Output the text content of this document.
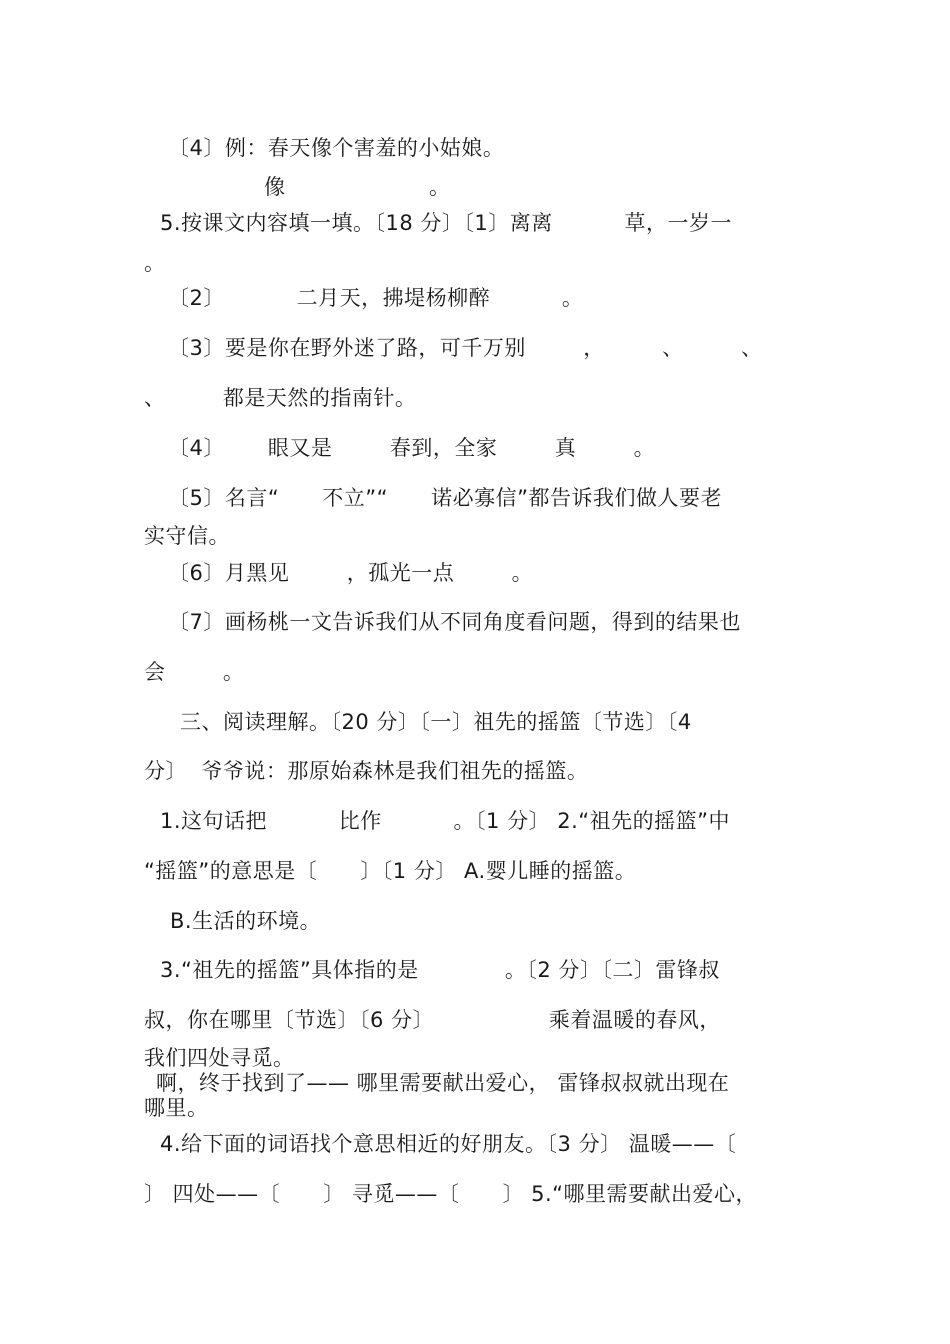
〔4〕例：春天像个害羞的小姑娘。
像                    。
5.按课文内容填一填。〔18 分〕〔1〕离离          草，一岁一
。
〔2〕          二月天，拂堤杨柳醉          。
〔3〕要是你在野外迷了路，可千万别        ，        、        、
、        都是天然的指南针。
〔4〕      眼又是        春到，全家        真        。
〔5〕名言“      不立”“      诺必寡信”都告诉我们做人要老
实守信。
〔6〕月黑见        ，孤光一点        。
〔7〕画杨桃一文告诉我们从不同角度看问题，得到的结果也
会        。
三、阅读理解。〔20 分〕〔一〕祖先的摇篮〔节选〕〔4
分〕  爷爷说：那原始森林是我们祖先的摇篮。
1.这句话把          比作          。〔1 分〕 2.“祖先的摇篮”中
“摇篮”的意思是〔      〕〔1 分〕 A.婴儿睡的摇篮。
B.生活的环境。
3.“祖先的摇篮”具体指的是            。〔2 分〕〔二〕雷锋叔
叔，你在哪里〔节选〕〔6 分〕                乘着温暖的春风，
我们四处寻觅。
啊，终于找到了—— 哪里需要献出爱心， 雷锋叔叔就出现在
哪里。
4.给下面的词语找个意思相近的好朋友。〔3 分〕 温暖——〔
〕 四处——〔      〕 寻觅——〔      〕 5.“哪里需要献出爱心，
